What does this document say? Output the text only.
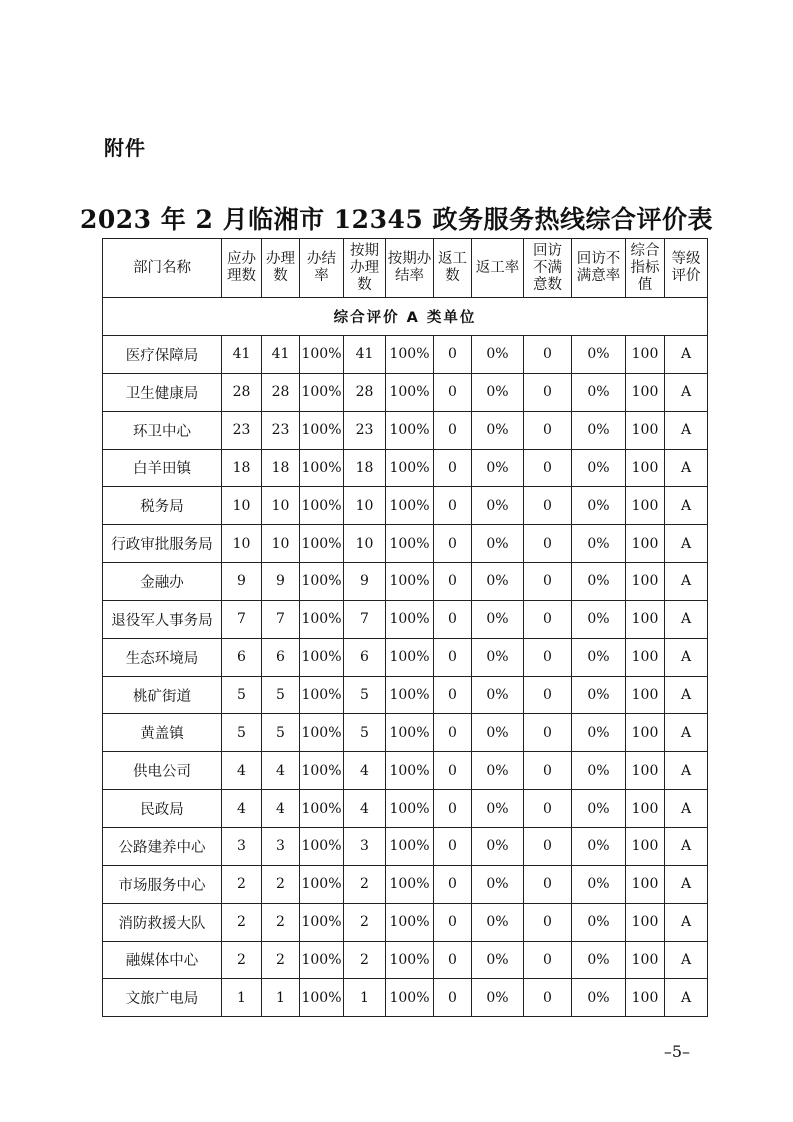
附件
2023 年 2 月临湘市 12345 政务服务热线综合评价表
部门名称	应办理数	办理数	办结率	按期办理数	按期办结率	返工数	返工率	回访不满意数	回访不满意率	综合指标值	等级评价

综合评价 A 类单位											
医疗保障局	41	41	100%	41	100%	0	0%	0	0%	100	A
卫生健康局	28	28	100%	28	100%	0	0%	0	0%	100	A
环卫中心	23	23	100%	23	100%	0	0%	0	0%	100	A
白羊田镇	18	18	100%	18	100%	0	0%	0	0%	100	A
税务局	10	10	100%	10	100%	0	0%	0	0%	100	A
行政审批服务局	10	10	100%	10	100%	0	0%	0	0%	100	A
金融办	9	9	100%	9	100%	0	0%	0	0%	100	A
退役军人事务局	7	7	100%	7	100%	0	0%	0	0%	100	A
生态环境局	6	6	100%	6	100%	0	0%	0	0%	100	A
桃矿街道	5	5	100%	5	100%	0	0%	0	0%	100	A
黄盖镇	5	5	100%	5	100%	0	0%	0	0%	100	A
供电公司	4	4	100%	4	100%	0	0%	0	0%	100	A
民政局	4	4	100%	4	100%	0	0%	0	0%	100	A
公路建养中心	3	3	100%	3	100%	0	0%	0	0%	100	A
市场服务中心	2	2	100%	2	100%	0	0%	0	0%	100	A
消防救援大队	2	2	100%	2	100%	0	0%	0	0%	100	A
融媒体中心	2	2	100%	2	100%	0	0%	0	0%	100	A
文旅广电局	1	1	100%	1	100%	0	0%	0	0%	100	A
–5–
